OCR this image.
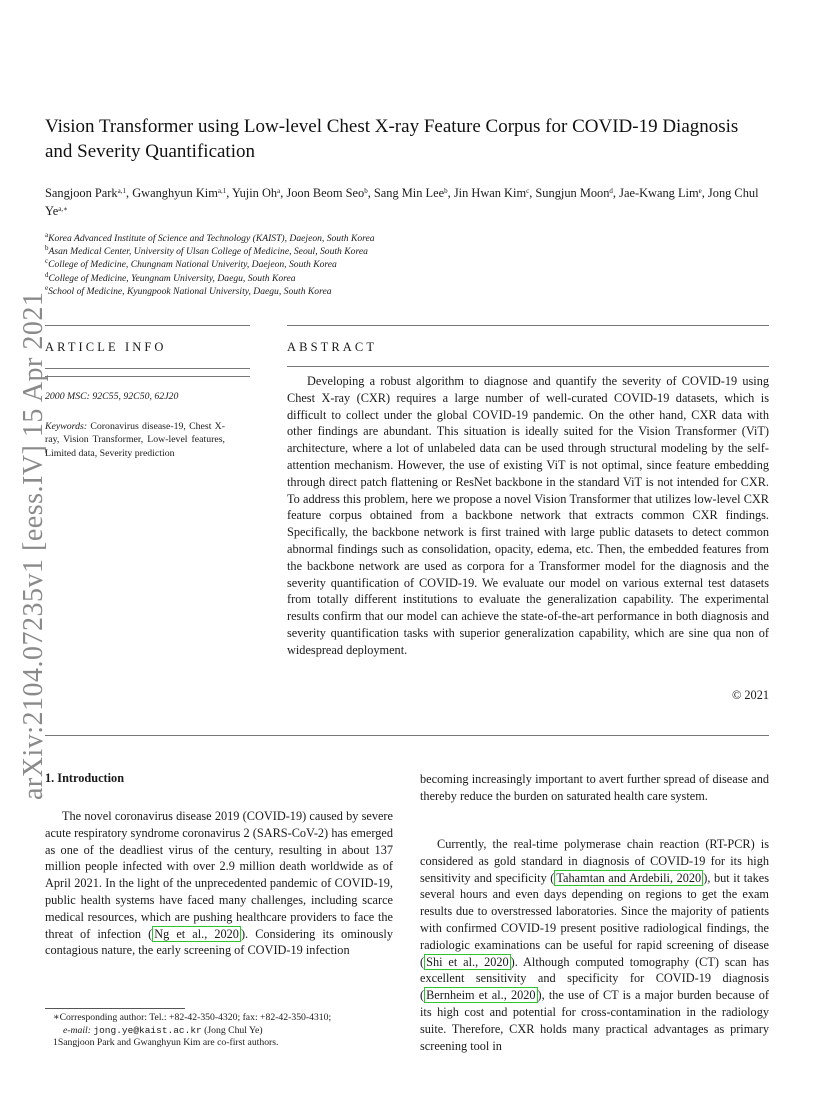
arXiv:2104.07235v1 [eess.IV] 15 Apr 2021
Vision Transformer using Low-level Chest X-ray Feature Corpus for COVID-19 Diagnosis and Severity Quantification
Sangjoon Park$^{a,1}$, Gwanghyun Kim$^{a,1}$, Yujin Oh$^a$, Joon Beom Seo$^b$, Sang Min Lee$^b$, Jin Hwan Kim$^c$, Sungjun Moon$^d$, Jae-Kwang Lim$^e$, Jong Chul $Ye^{a,∗}$
$^a$Korea Advanced Institute of Science and Technology (KAIST), Daejeon, South Korea
$^b$Asan Medical Center, University of Ulsan College of Medicine, Seoul, South Korea
$^c$College of Medicine, Chungnam National Univerity, Daejeon, South Korea
$^d$College of Medicine, Yeungnam University, Daegu, South Korea
$^e$School of Medicine, Kyungpook National University, Daegu, South Korea
ARTICLE INFO	ABSTRACT
2000 MSC: 92C55, 92C50, 62J20
Keywords: Coronavirus disease-19, Chest X-ray, Vision Transformer, Low-level features, Limited data, Severity prediction
Developing a robust algorithm to diagnose and quantify the severity of COVID-19 using Chest X-ray (CXR) requires a large number of well-curated COVID-19 datasets, which is difficult to collect under the global COVID-19 pandemic. On the other hand, CXR data with other findings are abundant. This situation is ideally suited for the Vision Transformer (ViT) architecture, where a lot of unlabeled data can be used through structural modeling by the self-attention mechanism. However, the use of existing ViT is not optimal, since feature embedding through direct patch flattening or ResNet backbone in the standard ViT is not intended for CXR. To address this problem, here we propose a novel Vision Transformer that utilizes low-level CXR feature corpus obtained from a backbone network that extracts common CXR findings. Specifically, the backbone network is first trained with large public datasets to detect common abnormal findings such as consolidation, opacity, edema, etc. Then, the embedded features from the backbone network are used as corpora for a Transformer model for the diagnosis and the severity quantification of COVID-19. We evaluate our model on various external test datasets from totally different institutions to evaluate the generalization capability. The experimental results confirm that our model can achieve the state-of-the-art performance in both diagnosis and severity quantification tasks with superior generalization capability, which are sine qua non of widespread deployment.
© 2021
1. Introduction
The novel coronavirus disease 2019 (COVID-19) caused by severe acute respiratory syndrome coronavirus 2 (SARS-CoV-2) has emerged as one of the deadliest virus of the century, resulting in about 137 million people infected with over 2.9 million death worldwide as of April 2021. In the light of the unprecedented pandemic of COVID-19, public health systems have faced many challenges, including scarce medical resources, which are pushing healthcare providers to face the threat of infection ( Ng et al., 2020 ). Considering its ominously contagious nature, the early screening of COVID-19 infection
becoming increasingly important to avert further spread of disease and thereby reduce the burden on saturated health care system.
Currently, the real-time polymerase chain reaction (RT-PCR) is considered as gold standard in diagnosis of COVID-19 for its high sensitivity and specificity ( Tahamtan and Ardebili, 2020 ), but it takes several hours and even days depending on regions to get the exam results due to overstressed laboratories. Since the majority of patients with confirmed COVID-19 present positive radiological findings, the radiologic examinations can be useful for rapid screening of disease ( Shi et al., 2020 ). Although computed tomography (CT) scan has excellent sensitivity and specificity for COVID-19 diagnosis ( Bernheim et al., 2020 ), the use of CT is a major burden because of its high cost and potential for cross-contamination in the radiology suite. Therefore, CXR holds many practical advantages as primary screening tool in
∗Corresponding author: Tel.: +82-42-350-4320; fax: +82-42-350-4310;
e-mail: jong.ye@kaist.ac.kr (Jong Chul Ye)
1Sangjoon Park and Gwanghyun Kim are co-first authors.
